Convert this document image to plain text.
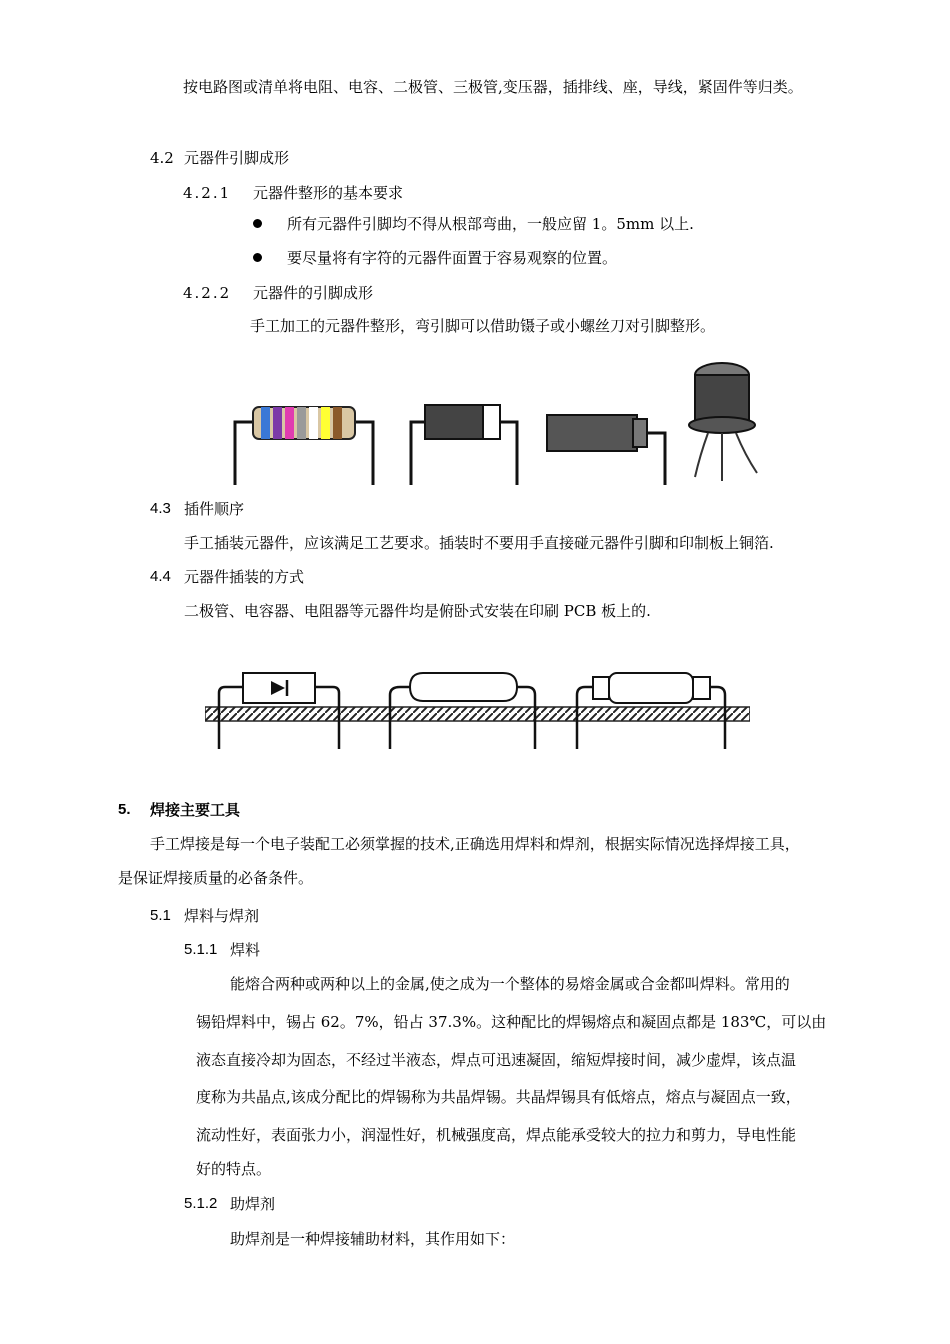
按电路图或清单将电阻、电容、二极管、三极管,变压器，插排线、座，导线，紧固件等归类。
4.2 元器件引脚成形
4.2.1 元器件整形的基本要求
所有元器件引脚均不得从根部弯曲，一般应留 1。5mm 以上.
要尽量将有字符的元器件面置于容易观察的位置。
4.2.2 元器件的引脚成形
手工加工的元器件整形，弯引脚可以借助镊子或小螺丝刀对引脚整形。
4.3 插件顺序
手工插装元器件，应该满足工艺要求。插装时不要用手直接碰元器件引脚和印制板上铜箔.
4.4 元器件插装的方式
二极管、电容器、电阻器等元器件均是俯卧式安装在印刷 PCB 板上的.
5. 焊接主要工具
手工焊接是每一个电子装配工必须掌握的技术,正确选用焊料和焊剂，根据实际情况选择焊接工具，
是保证焊接质量的必备条件。
5.1 焊料与焊剂
5.1.1 焊料
能熔合两种或两种以上的金属,使之成为一个整体的易熔金属或合金都叫焊料。常用的
锡铅焊料中，锡占 62。7%，铅占 37.3%。这种配比的焊锡熔点和凝固点都是 183℃，可以由
液态直接冷却为固态，不经过半液态，焊点可迅速凝固，缩短焊接时间，减少虚焊，该点温
度称为共晶点,该成分配比的焊锡称为共晶焊锡。共晶焊锡具有低熔点，熔点与凝固点一致，
流动性好，表面张力小，润湿性好，机械强度高，焊点能承受较大的拉力和剪力，导电性能
好的特点。
5.1.2 助焊剂
助焊剂是一种焊接辅助材料，其作用如下：
